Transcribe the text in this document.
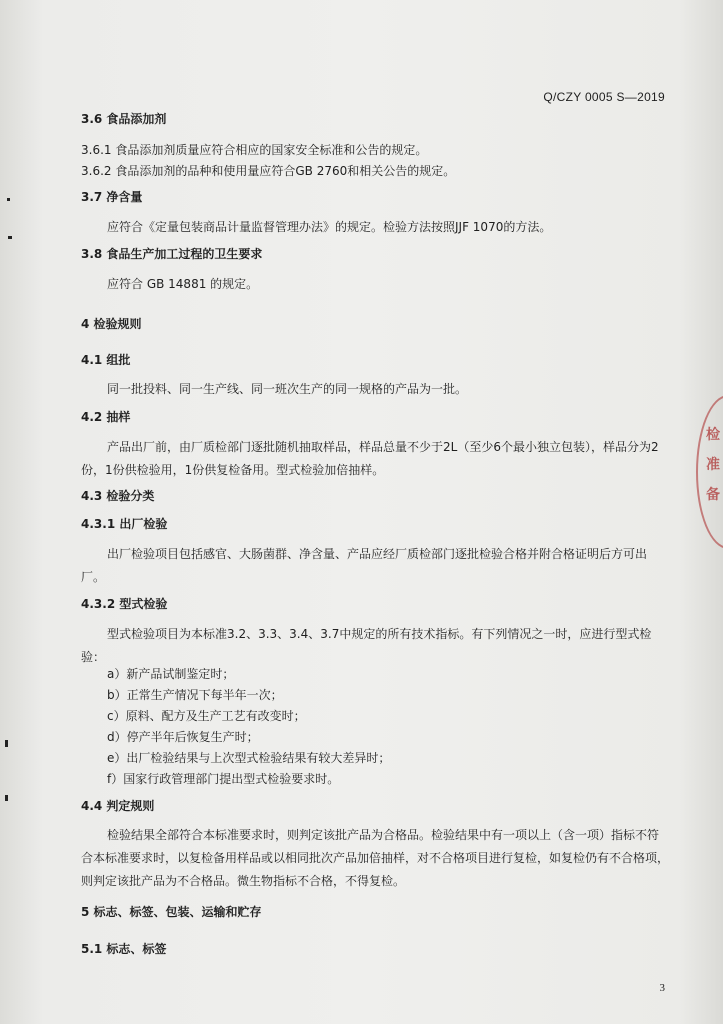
Q/CZY 0005 S—2019
3.6 食品添加剂
3.6.1 食品添加剂质量应符合相应的国家安全标准和公告的规定。
3.6.2 食品添加剂的品种和使用量应符合GB 2760和相关公告的规定。
3.7 净含量
应符合《定量包装商品计量监督管理办法》的规定。检验方法按照JJF 1070的方法。
3.8 食品生产加工过程的卫生要求
应符合 GB 14881 的规定。
4 检验规则
4.1 组批
同一批投料、同一生产线、同一班次生产的同一规格的产品为一批。
4.2 抽样
产品出厂前，由厂质检部门逐批随机抽取样品，样品总量不少于2L（至少6个最小独立包装），样品分为2份，1份供检验用，1份供复检备用。型式检验加倍抽样。
4.3 检验分类
4.3.1 出厂检验
出厂检验项目包括感官、大肠菌群、净含量、产品应经厂质检部门逐批检验合格并附合格证明后方可出厂。
4.3.2 型式检验
型式检验项目为本标准3.2、3.3、3.4、3.7中规定的所有技术指标。有下列情况之一时，应进行型式检验：
a）新产品试制鉴定时；
b）正常生产情况下每半年一次；
c）原料、配方及生产工艺有改变时；
d）停产半年后恢复生产时；
e）出厂检验结果与上次型式检验结果有较大差异时；
f）国家行政管理部门提出型式检验要求时。
4.4 判定规则
检验结果全部符合本标准要求时，则判定该批产品为合格品。检验结果中有一项以上（含一项）指标不符合本标准要求时，以复检备用样品或以相同批次产品加倍抽样，对不合格项目进行复检，如复检仍有不合格项，则判定该批产品为不合格品。微生物指标不合格，不得复检。
5 标志、标签、包装、运输和贮存
5.1 标志、标签
3
检
准
备
